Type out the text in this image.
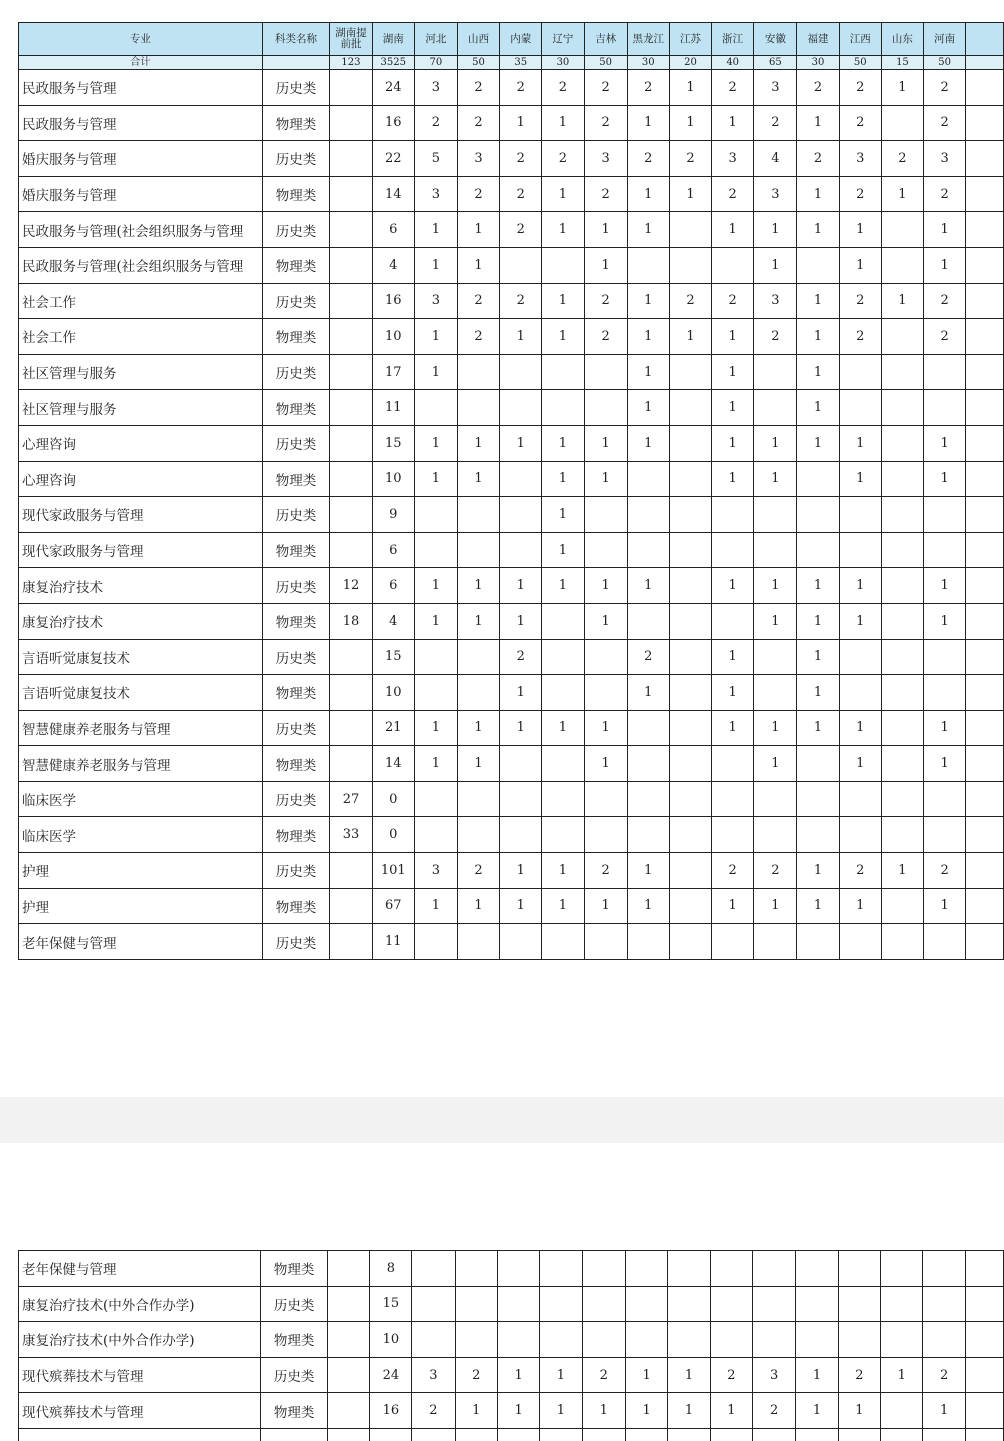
专业	科类名称	湖南提前批	湖南	河北	山西	内蒙	辽宁	吉林	黑龙江	江苏	浙江	安徽	福建	江西	山东	河南	
合计		123	3525	70	50	35	30	50	30	20	40	65	30	50	15	50	
民政服务与管理	历史类		24	3	2	2	2	2	2	1	2	3	2	2	1	2	
民政服务与管理	物理类		16	2	2	1	1	2	1	1	1	2	1	2		2	
婚庆服务与管理	历史类		22	5	3	2	2	3	2	2	3	4	2	3	2	3	
婚庆服务与管理	物理类		14	3	2	2	1	2	1	1	2	3	1	2	1	2	
民政服务与管理(社会组织服务与管理	历史类		6	1	1	2	1	1	1		1	1	1	1		1	
民政服务与管理(社会组织服务与管理	物理类		4	1	1			1				1		1		1	
社会工作	历史类		16	3	2	2	1	2	1	2	2	3	1	2	1	2	
社会工作	物理类		10	1	2	1	1	2	1	1	1	2	1	2		2	
社区管理与服务	历史类		17	1					1		1		1				
社区管理与服务	物理类		11						1		1		1				
心理咨询	历史类		15	1	1	1	1	1	1		1	1	1	1		1	
心理咨询	物理类		10	1	1		1	1			1	1		1		1	
现代家政服务与管理	历史类		9				1										
现代家政服务与管理	物理类		6				1										
康复治疗技术	历史类	12	6	1	1	1	1	1	1		1	1	1	1		1	
康复治疗技术	物理类	18	4	1	1	1		1				1	1	1		1	
言语听觉康复技术	历史类		15			2			2		1		1				
言语听觉康复技术	物理类		10			1			1		1		1				
智慧健康养老服务与管理	历史类		21	1	1	1	1	1			1	1	1	1		1	
智慧健康养老服务与管理	物理类		14	1	1			1				1		1		1	
临床医学	历史类	27	0														
临床医学	物理类	33	0														
护理	历史类		101	3	2	1	1	2	1		2	2	1	2	1	2	
护理	物理类		67	1	1	1	1	1	1		1	1	1	1		1	
老年保健与管理	历史类		11														
老年保健与管理	物理类		8														
康复治疗技术(中外合作办学)	历史类		15														
康复治疗技术(中外合作办学)	物理类		10														
现代殡葬技术与管理	历史类		24	3	2	1	1	2	1	1	2	3	1	2	1	2	
现代殡葬技术与管理	物理类		16	2	1	1	1	1	1	1	1	2	1	1		1	
